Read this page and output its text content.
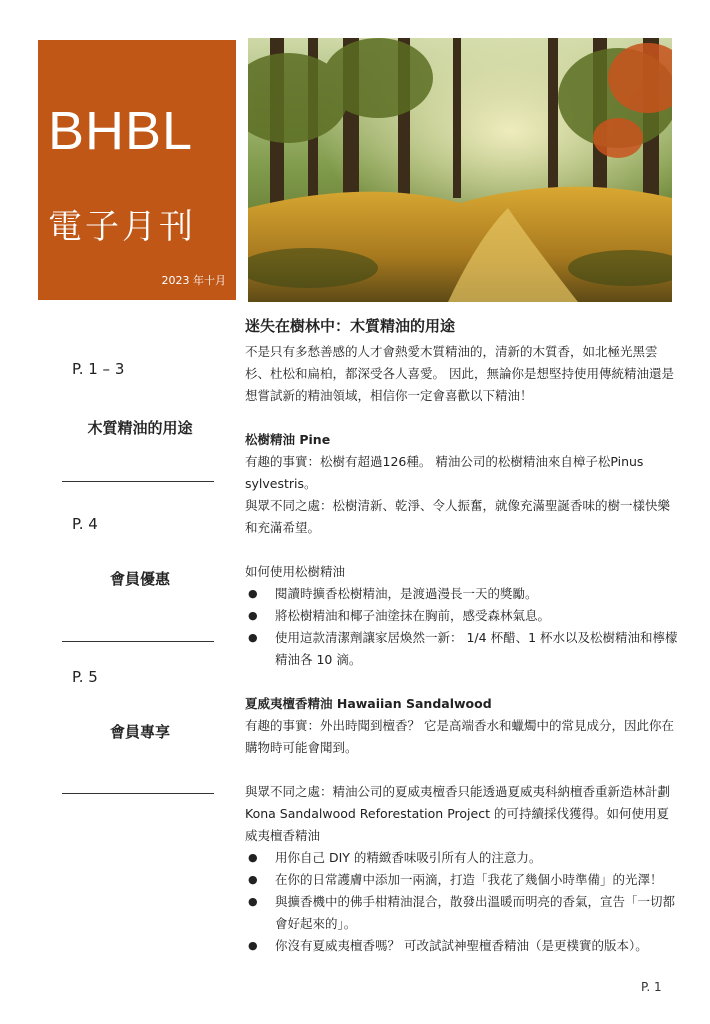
BHBL
電子月刊
2023 年十月
P. 1 – 3
木質精油的用途
P. 4
會員優惠
P. 5
會員專享
迷失在樹林中：木質精油的用途

不是只有多愁善感的人才會熱愛木質精油的，清新的木質香，如北極光黑雲杉、杜松和扁柏，都深受各人喜愛。 因此，無論你是想堅持使用傳統精油還是想嘗試新的精油領域，相信你一定會喜歡以下精油！

松樹精油 Pine

有趣的事實：松樹有超過126種。 精油公司的松樹精油來自樟子松Pinus sylvestris。

與眾不同之處：松樹清新、乾淨、令人振奮，就像充滿聖誕香味的樹一樣快樂和充滿希望。

如何使用松樹精油

● 閱讀時擴香松樹精油，是渡過漫長一天的獎勵。
● 將松樹精油和椰子油塗抹在胸前，感受森林氣息。
● 使用這款清潔劑讓家居煥然一新： 1/4 杯醋、1 杯水以及松樹精油和檸檬精油各 10 滴。
夏威夷檀香精油 Hawaiian Sandalwood

有趣的事實：外出時聞到檀香？ 它是高端香水和蠟燭中的常見成分，因此你在購物時可能會聞到。

與眾不同之處：精油公司的夏威夷檀香只能透過夏威夷科納檀香重新造林計劃 Kona Sandalwood Reforestation Project 的可持續採伐獲得。如何使用夏威夷檀香精油

● 用你自己 DIY 的精緻香味吸引所有人的注意力。
● 在你的日常護膚中添加一兩滴，打造「我花了幾個小時準備」的光澤！
● 與擴香機中的佛手柑精油混合，散發出溫暖而明亮的香氣，宣告「一切都會好起來的」。
● 你沒有夏威夷檀香嗎？ 可改試試神聖檀香精油（是更樸實的版本）。
P. 1
